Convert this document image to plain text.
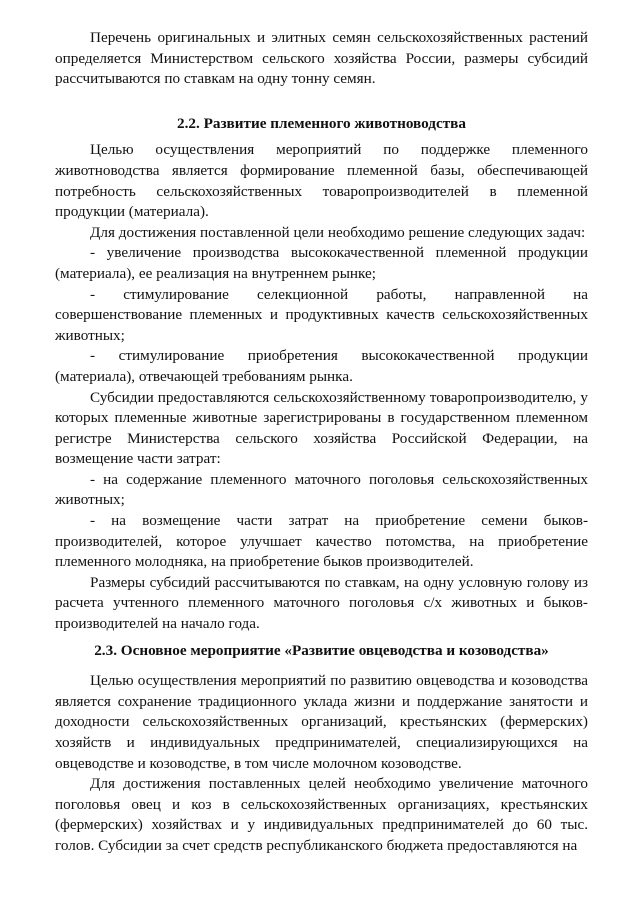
Перечень оригинальных и элитных семян сельскохозяйственных растений определяется Министерством сельского хозяйства России, размеры субсидий рассчитываются по ставкам на одну тонну семян.

2.2. Развитие племенного животноводства

Целью осуществления мероприятий по поддержке племенного животноводства является формирование племенной базы, обеспечивающей потребность сельскохозяйственных товаропроизводителей в племенной продукции (материала).

Для достижения поставленной цели необходимо решение следующих задач:

- увеличение производства высококачественной племенной продукции (материала), ее реализация на внутреннем рынке;

- стимулирование селекционной работы, направленной на совершенствование племенных и продуктивных качеств сельскохозяйственных животных;

- стимулирование приобретения высококачественной продукции (материала), отвечающей требованиям рынка.

Субсидии предоставляются сельскохозяйственному товаропроизводителю, у которых племенные животные зарегистрированы в государственном племенном регистре Министерства сельского хозяйства Российской Федерации, на возмещение части затрат:

- на содержание племенного маточного поголовья сельскохозяйственных животных;

- на возмещение части затрат на приобретение семени быков-производителей, которое улучшает качество потомства, на приобретение племенного молодняка, на приобретение быков производителей.

Размеры субсидий рассчитываются по ставкам, на одну условную голову из расчета учтенного племенного маточного поголовья с/х животных и быков-производителей на начало года.

2.3. Основное мероприятие «Развитие овцеводства и козоводства»

Целью осуществления мероприятий по развитию овцеводства и козоводства является сохранение традиционного уклада жизни и поддержание занятости и доходности сельскохозяйственных организаций, крестьянских (фермерских) хозяйств и индивидуальных предпринимателей, специализирующихся на овцеводстве и козоводстве, в том числе молочном козоводстве.

Для достижения поставленных целей необходимо увеличение маточного поголовья овец и коз в сельскохозяйственных организациях, крестьянских (фермерских) хозяйствах и у индивидуальных предпринимателей до 60 тыс. голов. Субсидии за счет средств республиканского бюджета предоставляются на
